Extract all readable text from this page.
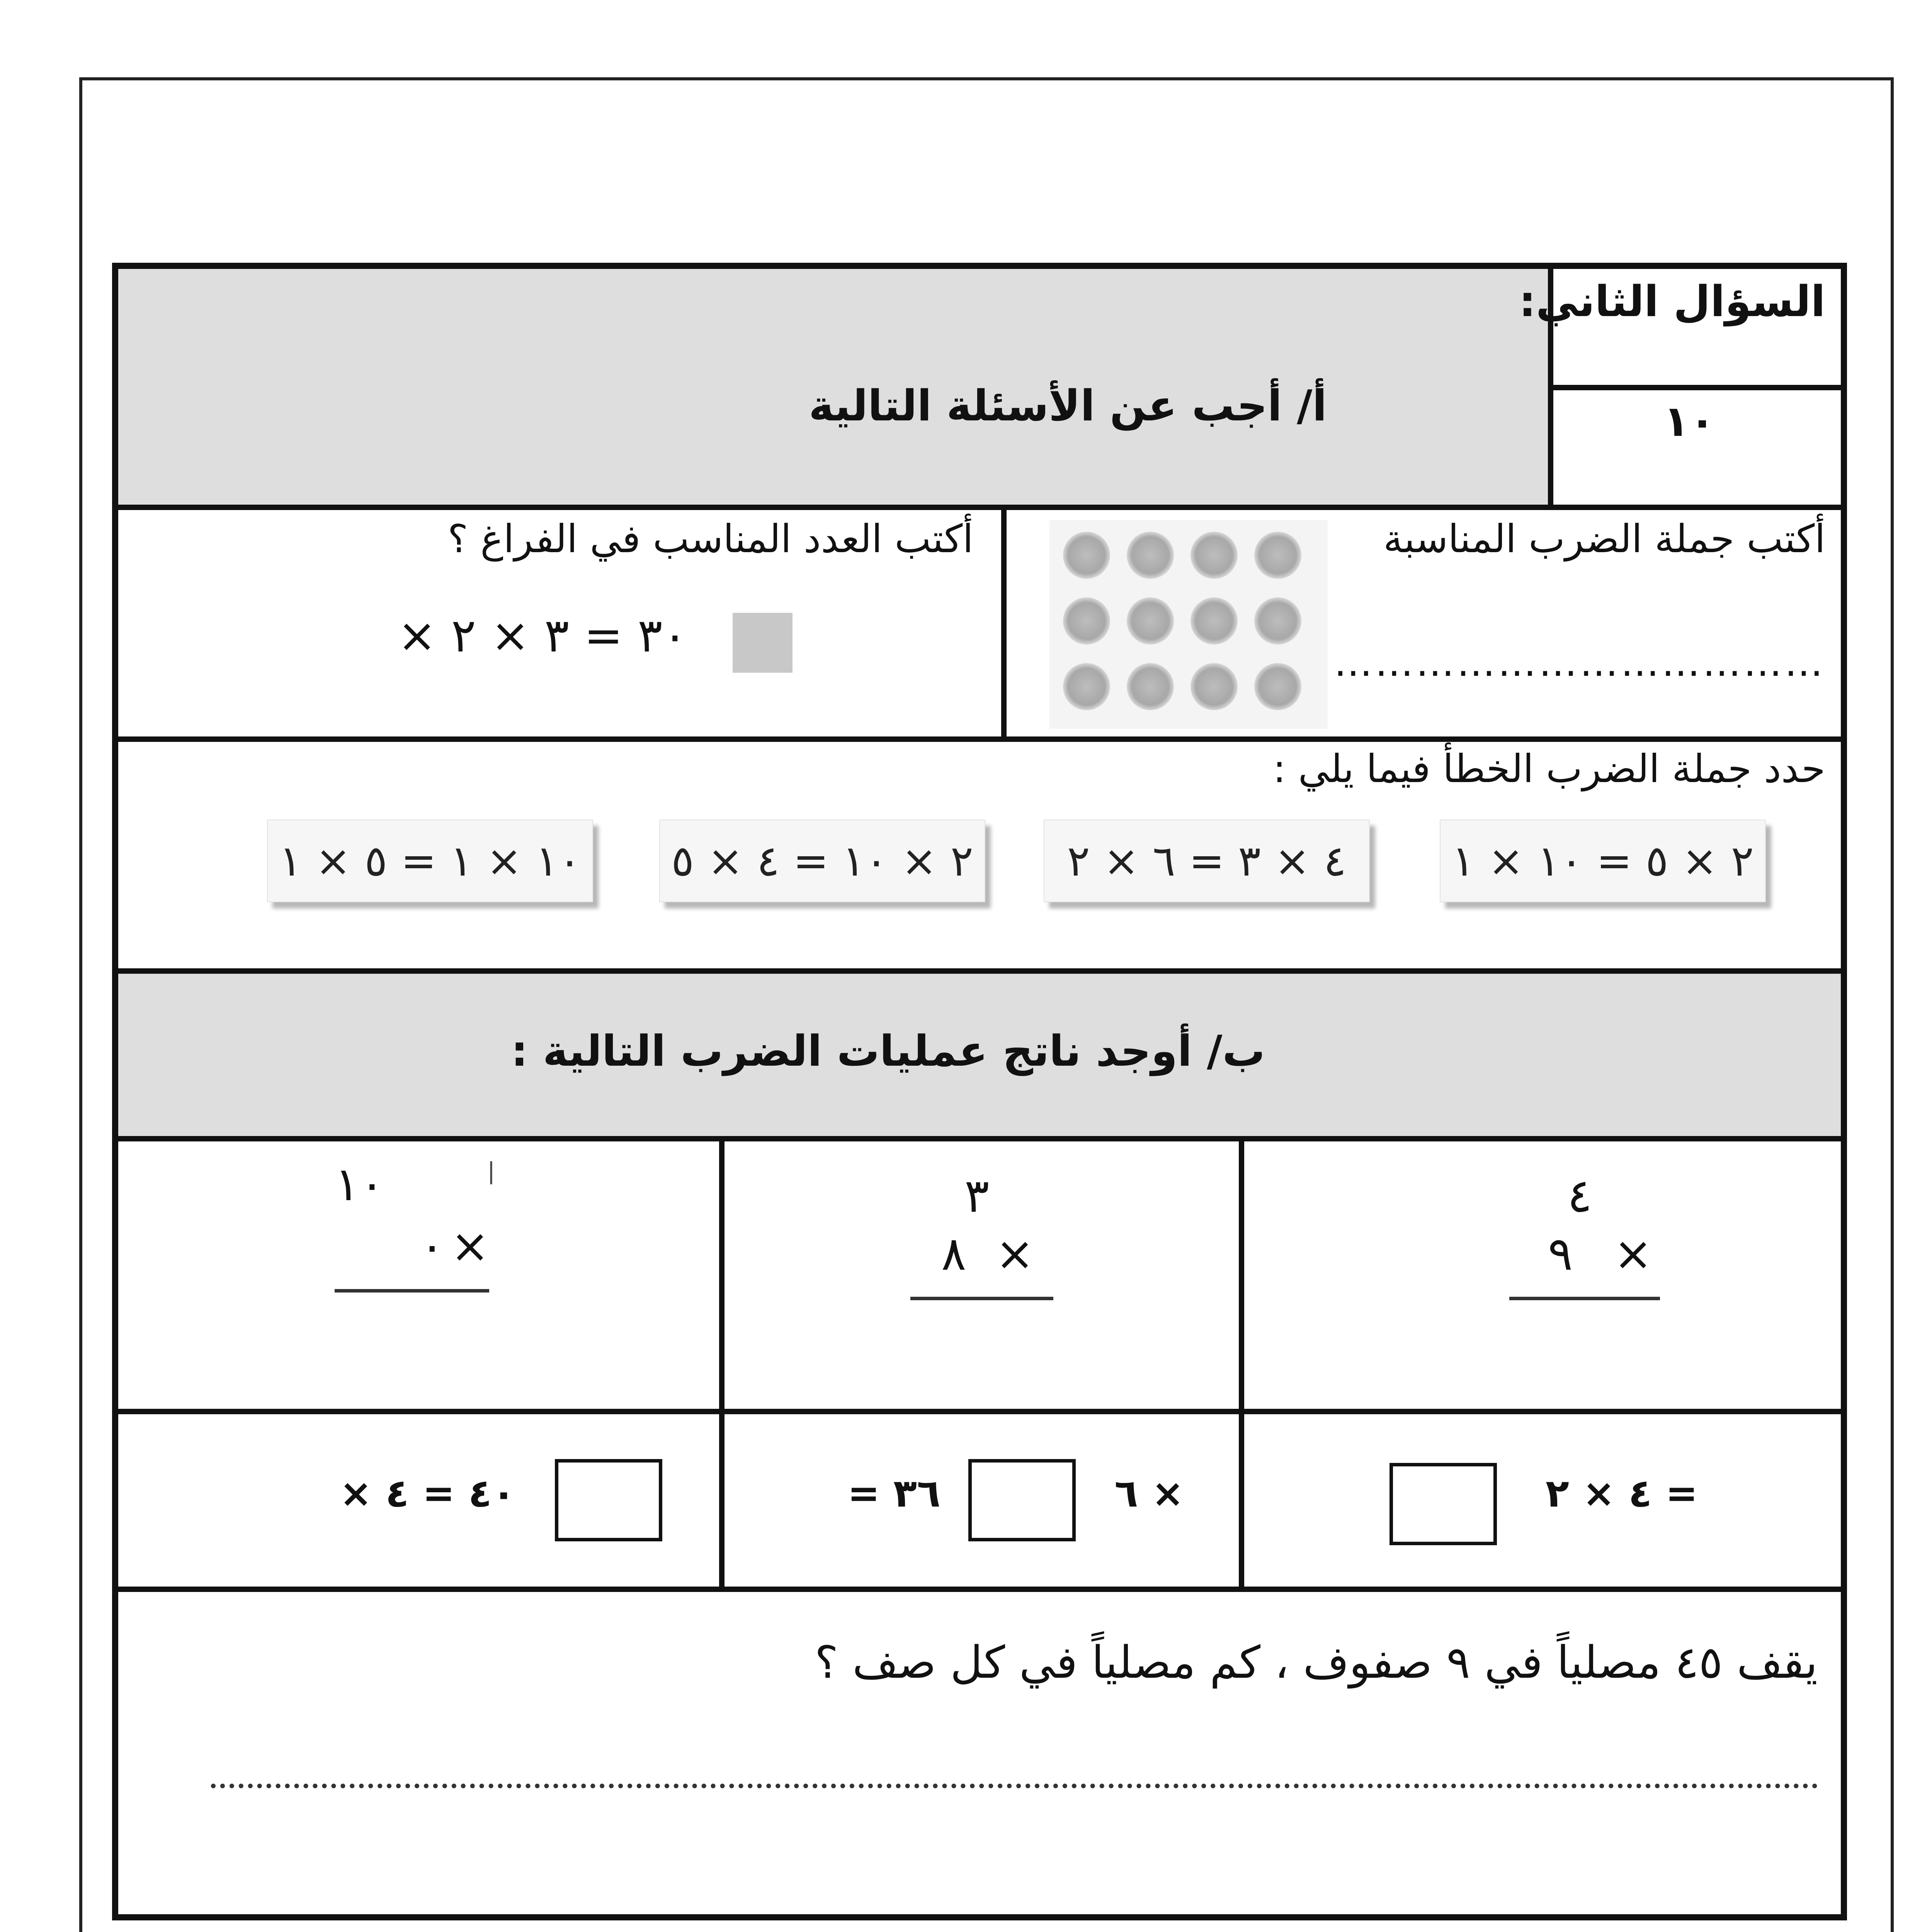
السؤال الثاني:
أ/ أجب عن الأسئلة التالية	١٠
أكتب جملة الضرب المناسبة
………………………………
أكتب العدد المناسب في الفراغ ؟
٣٠ = ٣ × ٢ ×
حدد جملة الضرب الخطأ فيما يلي :
٢ × ٥ = ١٠ × ١
٤ × ٣ = ٦ × ٢
٢ × ١٠ = ٤ × ٥
١٠ × ١ = ٥ × ١
ب/ أوجد ناتج عمليات الضرب التالية :
٤
٩ ×
٣
٨ ×
١٠	|
٠ ×
= ٤ × ٢
× ٦
٣٦ =
٤٠ = ٤ ×
يقف ٤٥ مصلياً في ٩ صفوف ، كم مصلياً في كل صف ؟
